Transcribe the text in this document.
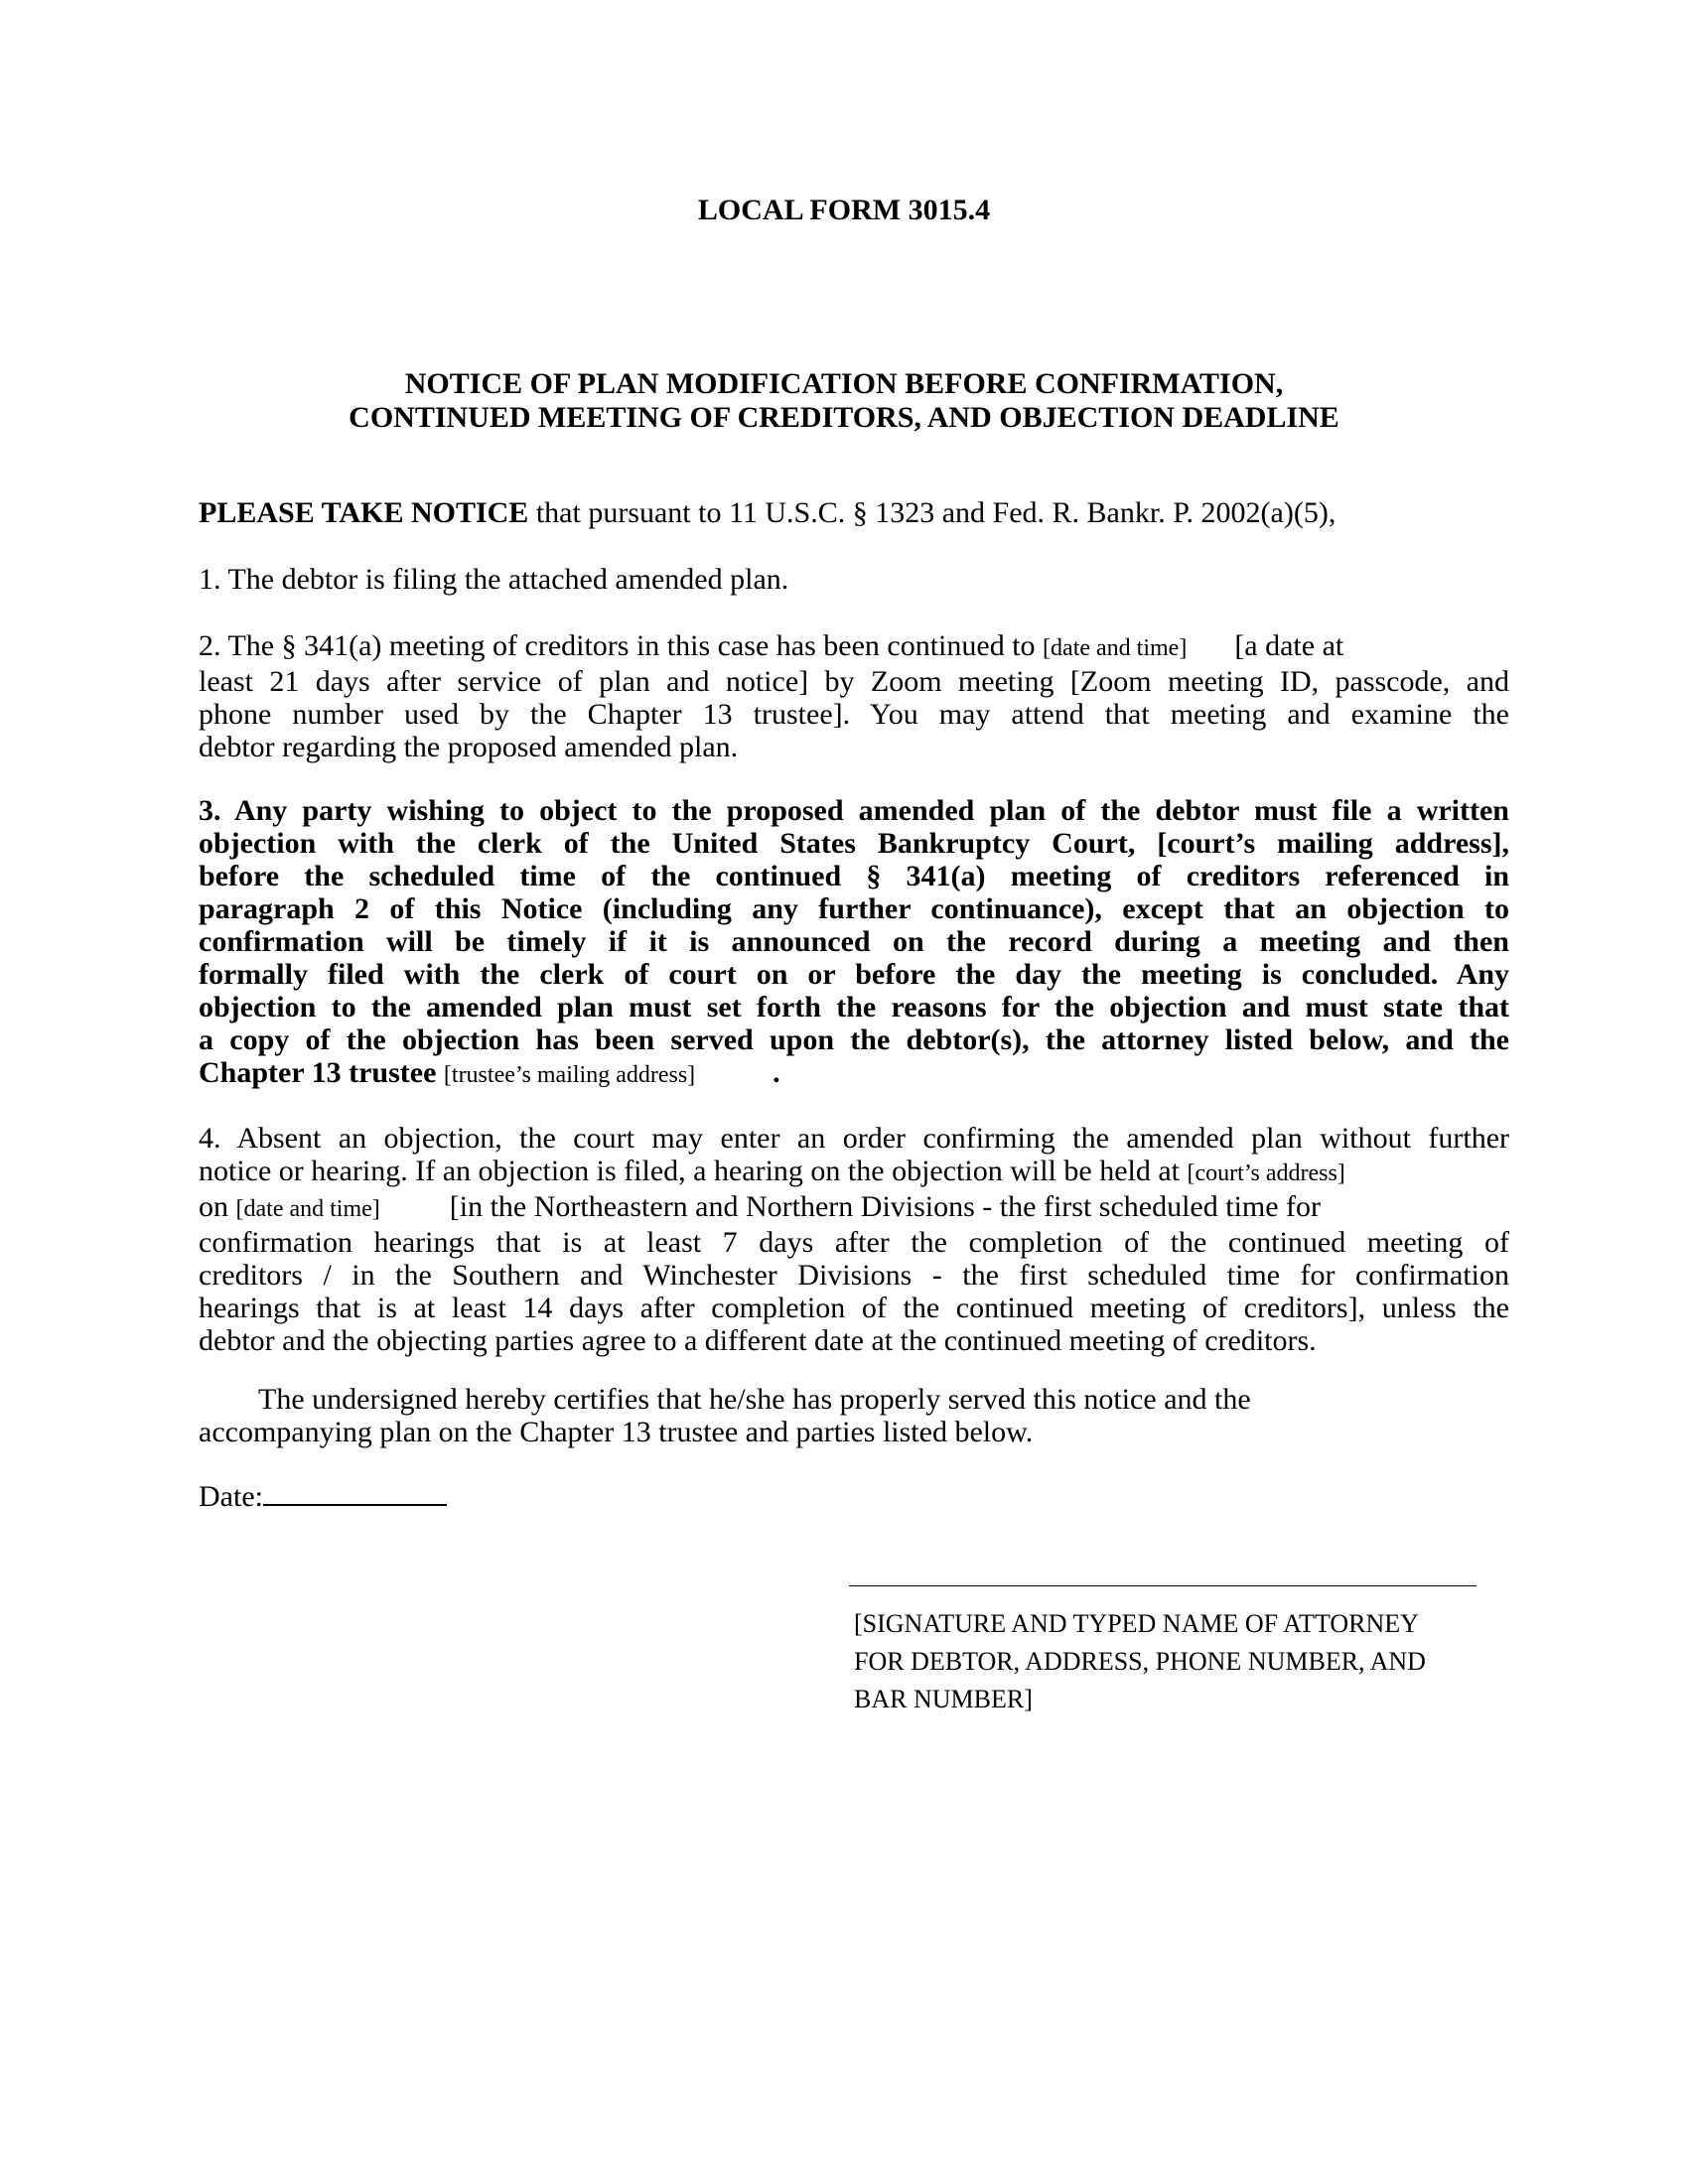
LOCAL FORM 3015.4
NOTICE OF PLAN MODIFICATION BEFORE CONFIRMATION,
CONTINUED MEETING OF CREDITORS, AND OBJECTION DEADLINE
PLEASE TAKE NOTICE that pursuant to 11 U.S.C. § 1323 and Fed. R. Bankr. P. 2002(a)(5),
1. The debtor is filing the attached amended plan.
2. The § 341(a) meeting of creditors in this case has been continued to [date and time] [a date at
least 21 days after service of plan and notice] by Zoom meeting [Zoom meeting ID, passcode, and
phone number used by the Chapter 13 trustee]. You may attend that meeting and examine the
debtor regarding the proposed amended plan.
3. Any party wishing to object to the proposed amended plan of the debtor must file a written
objection with the clerk of the United States Bankruptcy Court, [court’s mailing address],
before the scheduled time of the continued § 341(a) meeting of creditors referenced in
paragraph 2 of this Notice (including any further continuance), except that an objection to
confirmation will be timely if it is announced on the record during a meeting and then
formally filed with the clerk of court on or before the day the meeting is concluded. Any
objection to the amended plan must set forth the reasons for the objection and must state that
a copy of the objection has been served upon the debtor(s), the attorney listed below, and the
Chapter 13 trustee [trustee’s mailing address]	.
4. Absent an objection, the court may enter an order confirming the amended plan without further
notice or hearing. If an objection is filed, a hearing on the objection will be held at [court’s address]
on [date and time] [in the Northeastern and Northern Divisions - the first scheduled time for
confirmation hearings that is at least 7 days after the completion of the continued meeting of
creditors / in the Southern and Winchester Divisions - the first scheduled time for confirmation
hearings that is at least 14 days after completion of the continued meeting of creditors], unless the
debtor and the objecting parties agree to a different date at the continued meeting of creditors.
The undersigned hereby certifies that he/she has properly served this notice and the
accompanying plan on the Chapter 13 trustee and parties listed below.
Date:
[SIGNATURE AND TYPED NAME OF ATTORNEY
FOR DEBTOR, ADDRESS, PHONE NUMBER, AND
BAR NUMBER]
